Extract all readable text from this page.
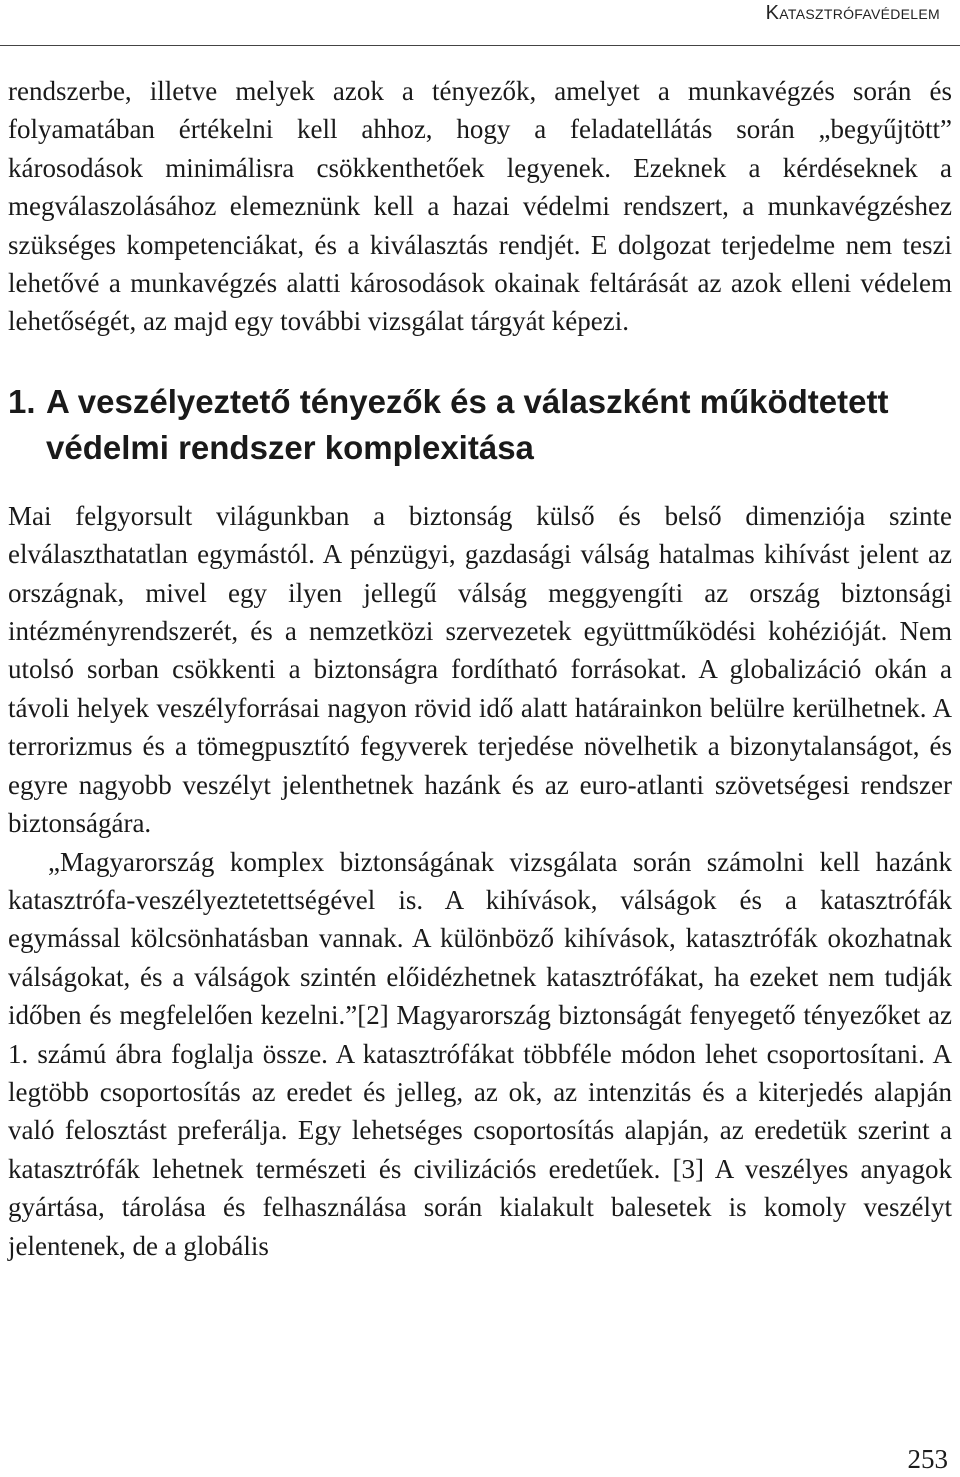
Katasztrófavédelem

rendszerbe, illetve melyek azok a tényezők, amelyet a munkavégzés során és folyamatában értékelni kell ahhoz, hogy a feladatellátás során „begyűjtött” károsodások minimálisra csökkenthetőek legyenek. Ezeknek a kérdéseknek a megválaszolásához elemeznünk kell a hazai védelmi rendszert, a munkavégzéshez szükséges kompetenciákat, és a kiválasztás rendjét. E dolgozat terjedelme nem teszi lehetővé a munkavégzés alatti károsodások okainak feltárását az azok elleni védelem lehetőségét, az majd egy további vizsgálat tárgyát képezi.

1. A veszélyeztető tényezők és a válaszként működtetett védelmi rendszer komplexitása

Mai felgyorsult világunkban a biztonság külső és belső dimenziója szinte elválaszthatatlan egymástól. A pénzügyi, gazdasági válság hatalmas kihívást jelent az országnak, mivel egy ilyen jellegű válság meggyengíti az ország biztonsági intézményrendszerét, és a nemzetközi szervezetek együttműködési kohézióját. Nem utolsó sorban csökkenti a biztonságra fordítható forrásokat. A globalizáció okán a távoli helyek veszélyforrásai nagyon rövid idő alatt határainkon belülre kerülhetnek. A terrorizmus és a tömegpusztító fegyverek terjedése növelhetik a bizonytalanságot, és egyre nagyobb veszélyt jelenthetnek hazánk és az euro-atlanti szövetségesi rendszer biztonságára.

„Magyarország komplex biztonságának vizsgálata során számolni kell hazánk katasztrófa-veszélyeztetettségével is. A kihívások, válságok és a katasztrófák egymással kölcsönhatásban vannak. A különböző kihívások, katasztrófák okozhatnak válságokat, és a válságok szintén előidézhetnek katasztrófákat, ha ezeket nem tudják időben és megfelelően kezelni.”[2] Magyarország biztonságát fenyegető tényezőket az 1. számú ábra foglalja össze. A katasztrófákat többféle módon lehet csoportosítani. A legtöbb csoportosítás az eredet és jelleg, az ok, az intenzitás és a kiterjedés alapján való felosztást preferálja. Egy lehetséges csoportosítás alapján, az eredetük szerint a katasztrófák lehetnek természeti és civilizációs eredetűek. [3] A veszélyes anyagok gyártása, tárolása és felhasználása során kialakult balesetek is komoly veszélyt jelentenek, de a globális

253
